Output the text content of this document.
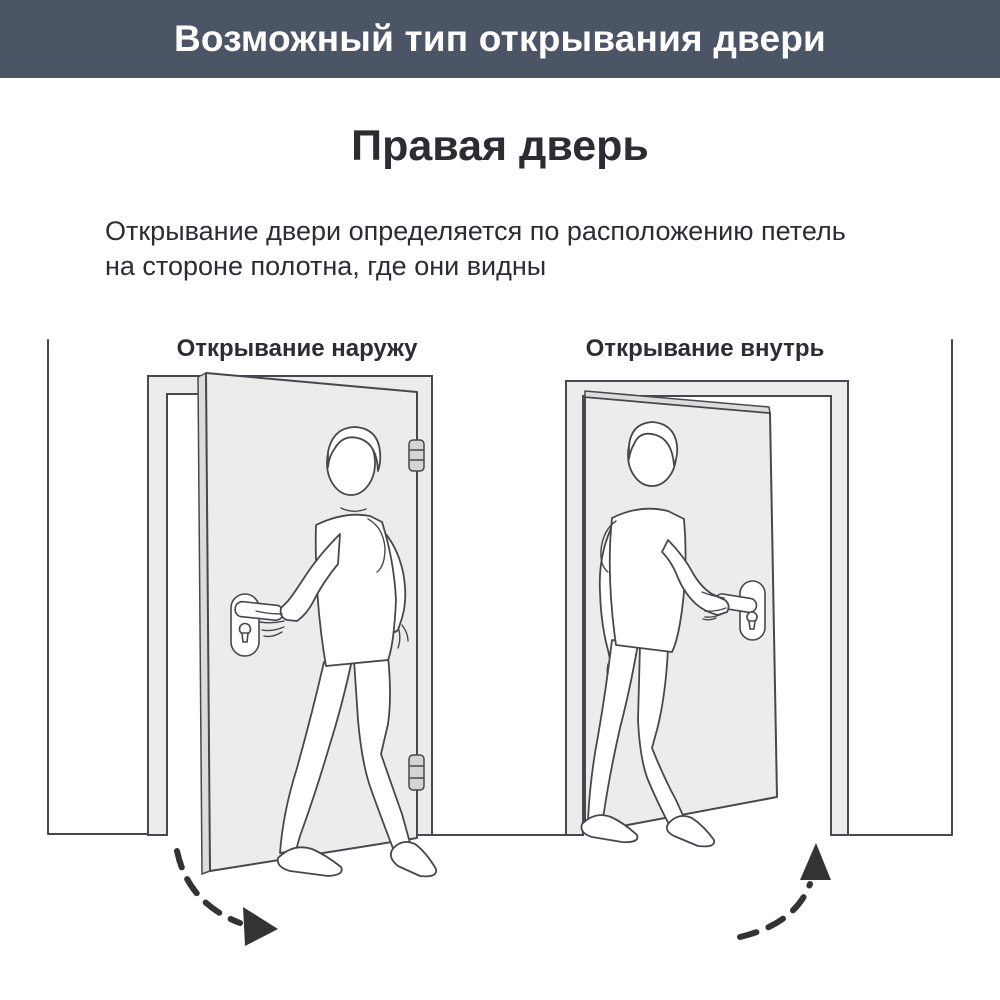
Возможный тип открывания двери
Правая дверь
Открывание двери определяется по расположению петель
на стороне полотна, где они видны
Открывание наружу	Открывание внутрь
